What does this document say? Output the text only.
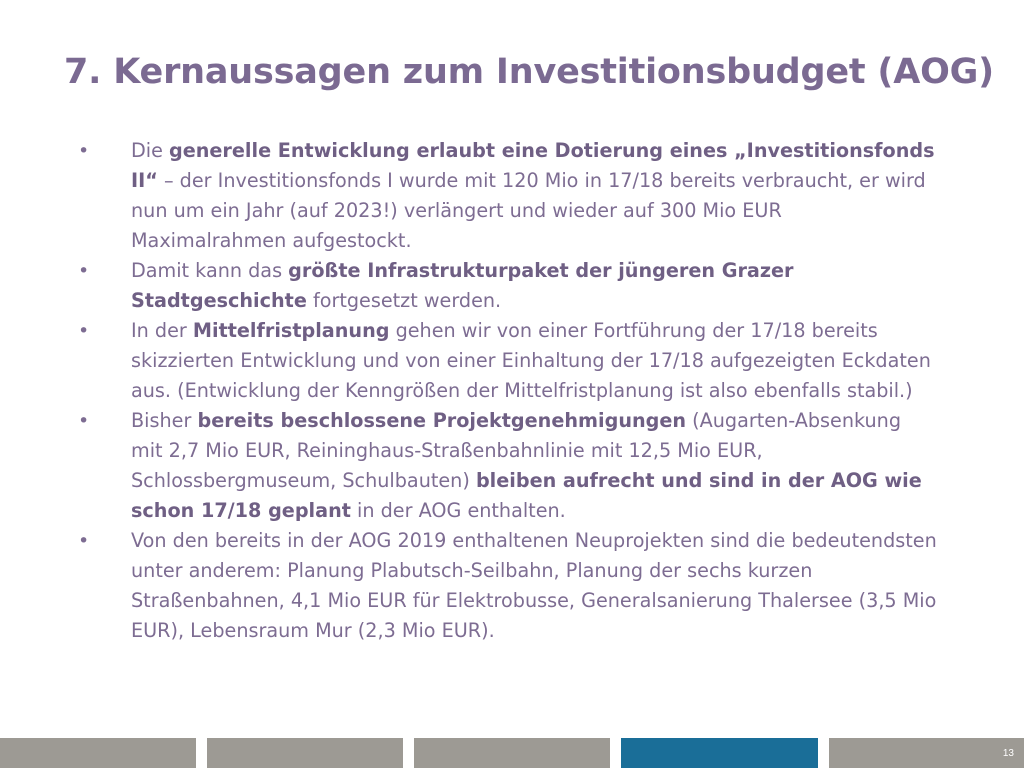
7. Kernaussagen zum Investitionsbudget (AOG)
• Die generelle Entwicklung erlaubt eine Dotierung eines „Investitionsfonds II“ – der Investitionsfonds I wurde mit 120 Mio in 17/18 bereits verbraucht, er wird nun um ein Jahr (auf 2023!) verlängert und wieder auf 300 Mio EUR Maximalrahmen aufgestockt.
• Damit kann das größte Infrastrukturpaket der jüngeren Grazer Stadtgeschichte fortgesetzt werden.
• In der Mittelfristplanung gehen wir von einer Fortführung der 17/18 bereits skizzierten Entwicklung und von einer Einhaltung der 17/18 aufgezeigten Eckdaten aus. (Entwicklung der Kenngrößen der Mittelfristplanung ist also ebenfalls stabil.)
• Bisher bereits beschlossene Projektgenehmigungen (Augarten-Absenkung mit 2,7 Mio EUR, Reininghaus-Straßenbahnlinie mit 12,5 Mio EUR, Schlossbergmuseum, Schulbauten) bleiben aufrecht und sind in der AOG wie schon 17/18 geplant in der AOG enthalten.
• Von den bereits in der AOG 2019 enthaltenen Neuprojekten sind die bedeutendsten unter anderem: Planung Plabutsch-Seilbahn, Planung der sechs kurzen Straßenbahnen, 4,1 Mio EUR für Elektrobusse, Generalsanierung Thalersee (3,5 Mio EUR), Lebensraum Mur (2,3 Mio EUR).
13
